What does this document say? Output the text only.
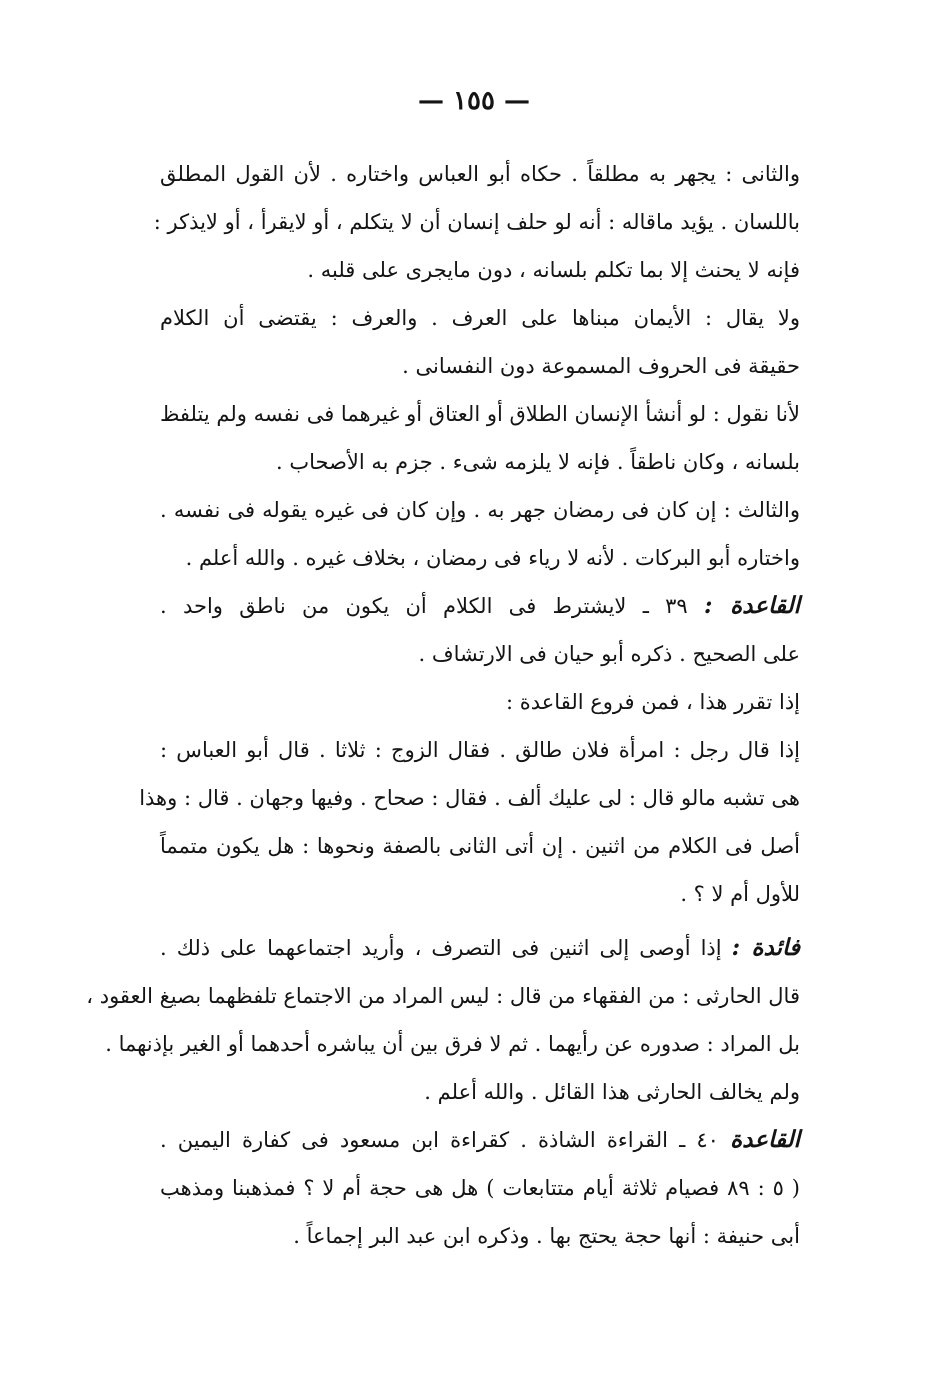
— ١٥٥ —
والثانى : يجهر به مطلقاً . حكاه أبو العباس واختاره . لأن القول المطلق
باللسان . يؤيد ماقاله : أنه لو حلف إنسان أن لا يتكلم ، أو لايقرأ ، أو لايذكر :
فإنه لا يحنث إلا بما تكلم بلسانه ، دون مايجرى على قلبه .
ولا يقال : الأيمان مبناها على العرف . والعرف : يقتضى أن الكلام
حقيقة فى الحروف المسموعة دون النفسانى .
لأنا نقول : لو أنشأ الإنسان الطلاق أو العتاق أو غيرهما فى نفسه ولم يتلفظ
بلسانه ، وكان ناطقاً . فإنه لا يلزمه شىء . جزم به الأصحاب .
والثالث : إن كان فى رمضان جهر به . وإن كان فى غيره يقوله فى نفسه .
واختاره أبو البركات . لأنه لا رياء فى رمضان ، بخلاف غيره . والله أعلم .
القاعدة : ٣٩ ـ لايشترط فى الكلام أن يكون من ناطق واحد .
على الصحيح . ذكره أبو حيان فى الارتشاف .
إذا تقرر هذا ، فمن فروع القاعدة :
إذا قال رجل : امرأة فلان طالق . فقال الزوج : ثلاثا . قال أبو العباس :
هى تشبه مالو قال : لى عليك ألف . فقال : صحاح . وفيها وجهان . قال : وهذا
أصل فى الكلام من اثنين . إن أتى الثانى بالصفة ونحوها : هل يكون متمماً
للأول أم لا ؟ .
فائدة : إذا أوصى إلى اثنين فى التصرف ، وأريد اجتماعهما على ذلك .
قال الحارثى : من الفقهاء من قال : ليس المراد من الاجتماع تلفظهما بصيغ العقود ،
بل المراد : صدوره عن رأيهما . ثم لا فرق بين أن يباشره أحدهما أو الغير بإذنهما .
ولم يخالف الحارثى هذا القائل . والله أعلم .
القاعدة ٤٠ ـ القراءة الشاذة . كقراءة ابن مسعود فى كفارة اليمين .
( ٥ : ٨٩ فصيام ثلاثة أيام متتابعات ) هل هى حجة أم لا ؟ فمذهبنا ومذهب
أبى حنيفة : أنها حجة يحتج بها . وذكره ابن عبد البر إجماعاً .
